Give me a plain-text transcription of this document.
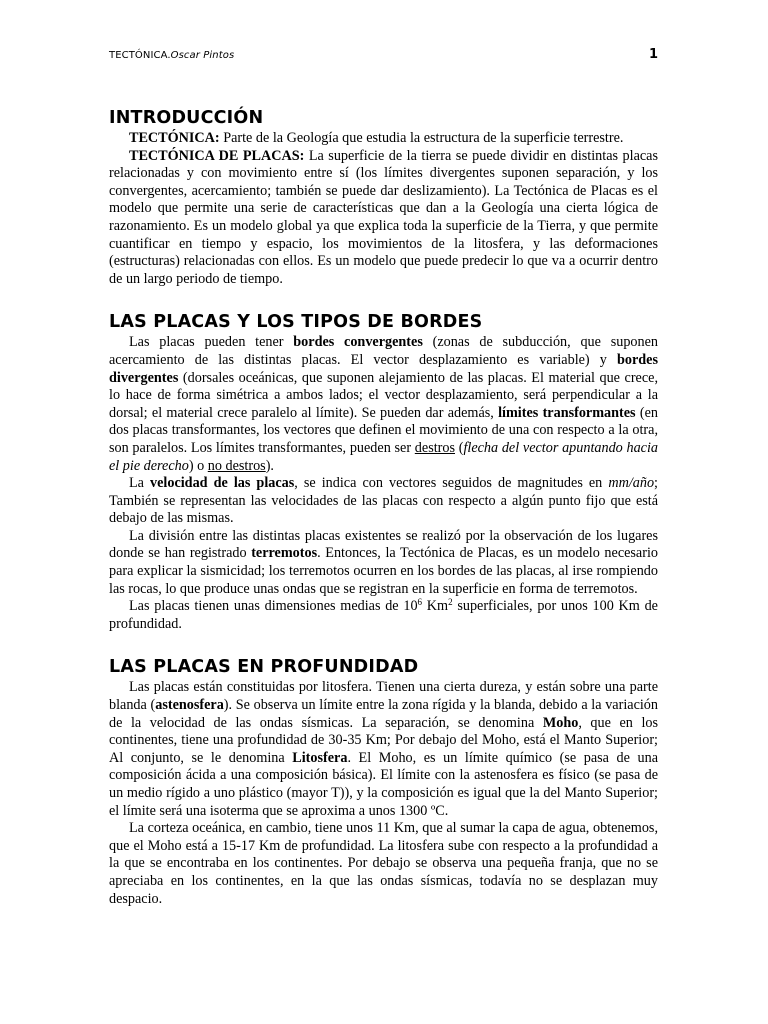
TECTÓNICA.Oscar Pintos	1
INTRODUCCIÓN

TECTÓNICA: Parte de la Geología que estudia la estructura de la superficie terrestre.

TECTÓNICA DE PLACAS: La superficie de la tierra se puede dividir en distintas placas relacionadas y con movimiento entre sí (los límites divergentes suponen separación, y los convergentes, acercamiento; también se puede dar deslizamiento). La Tectónica de Placas es el modelo que permite una serie de características que dan a la Geología una cierta lógica de razonamiento. Es un modelo global ya que explica toda la superficie de la Tierra, y que permite cuantificar en tiempo y espacio, los movimientos de la litosfera, y las deformaciones (estructuras) relacionadas con ellos. Es un modelo que puede predecir lo que va a ocurrir dentro de un largo periodo de tiempo.

LAS PLACAS Y LOS TIPOS DE BORDES

Las placas pueden tener bordes convergentes (zonas de subducción, que suponen acercamiento de las distintas placas. El vector desplazamiento es variable) y bordes divergentes (dorsales oceánicas, que suponen alejamiento de las placas. El material que crece, lo hace de forma simétrica a ambos lados; el vector desplazamiento, será perpendicular a la dorsal; el material crece paralelo al límite). Se pueden dar además, límites transformantes (en dos placas transformantes, los vectores que definen el movimiento de una con respecto a la otra, son paralelos. Los límites transformantes, pueden ser destros (flecha del vector apuntando hacia el pie derecho) o no destros).

La velocidad de las placas, se indica con vectores seguidos de magnitudes en mm/año; También se representan las velocidades de las placas con respecto a algún punto fijo que está debajo de las mismas.

La división entre las distintas placas existentes se realizó por la observación de los lugares donde se han registrado terremotos. Entonces, la Tectónica de Placas, es un modelo necesario para explicar la sismicidad; los terremotos ocurren en los bordes de las placas, al irse rompiendo las rocas, lo que produce unas ondas que se registran en la superficie en forma de terremotos.

Las placas tienen unas dimensiones medias de $10^6$ Km$^2$ superficiales, por unos 100 Km de profundidad.

LAS PLACAS EN PROFUNDIDAD

Las placas están constituidas por litosfera. Tienen una cierta dureza, y están sobre una parte blanda (astenosfera). Se observa un límite entre la zona rígida y la blanda, debido a la variación de la velocidad de las ondas sísmicas. La separación, se denomina Moho, que en los continentes, tiene una profundidad de 30-35 Km; Por debajo del Moho, está el Manto Superior; Al conjunto, se le denomina Litosfera. El Moho, es un límite químico (se pasa de una composición ácida a una composición básica). El límite con la astenosfera es físico (se pasa de un medio rígido a uno plástico (mayor T)), y la composición es igual que la del Manto Superior; el límite será una isoterma que se aproxima a unos 1300 ºC.

La corteza oceánica, en cambio, tiene unos 11 Km, que al sumar la capa de agua, obtenemos, que el Moho está a 15-17 Km de profundidad. La litosfera sube con respecto a la profundidad a la que se encontraba en los continentes. Por debajo se observa una pequeña franja, que no se apreciaba en los continentes, en la que las ondas sísmicas, todavía no se desplazan muy despacio.
